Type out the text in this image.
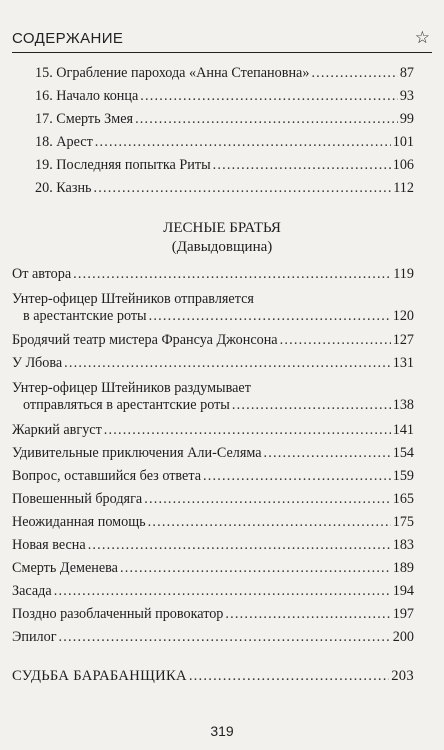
СОДЕРЖАНИЕ	☆
15. Ограбление парохода «Анна Степановна» .....	87
16. Начало конца .....	93
17. Смерть Змея .....	99
18. Арест .....	101
19. Последняя попытка Риты .....	106
20. Казнь .....	112
ЛЕСНЫЕ БРАТЬЯ
(Давыдовщина)
От автора .....	119
Унтер-офицер Штейников отправляется
в арестантские роты .....	120
Бродячий театр мистера Франсуа Джонсона .....	127
У Лбова .....	131
Унтер-офицер Штейников раздумывает
отправляться в арестантские роты .....	138
Жаркий август .....	141
Удивительные приключения Али-Селяма .....	154
Вопрос, оставшийся без ответа .....	159
Повешенный бродяга .....	165
Неожиданная помощь .....	175
Новая весна .....	183
Смерть Деменева .....	189
Засада .....	194
Поздно разоблаченный провокатор .....	197
Эпилог .....	200
СУДЬБА БАРАБАНЩИКА .....	203
319
